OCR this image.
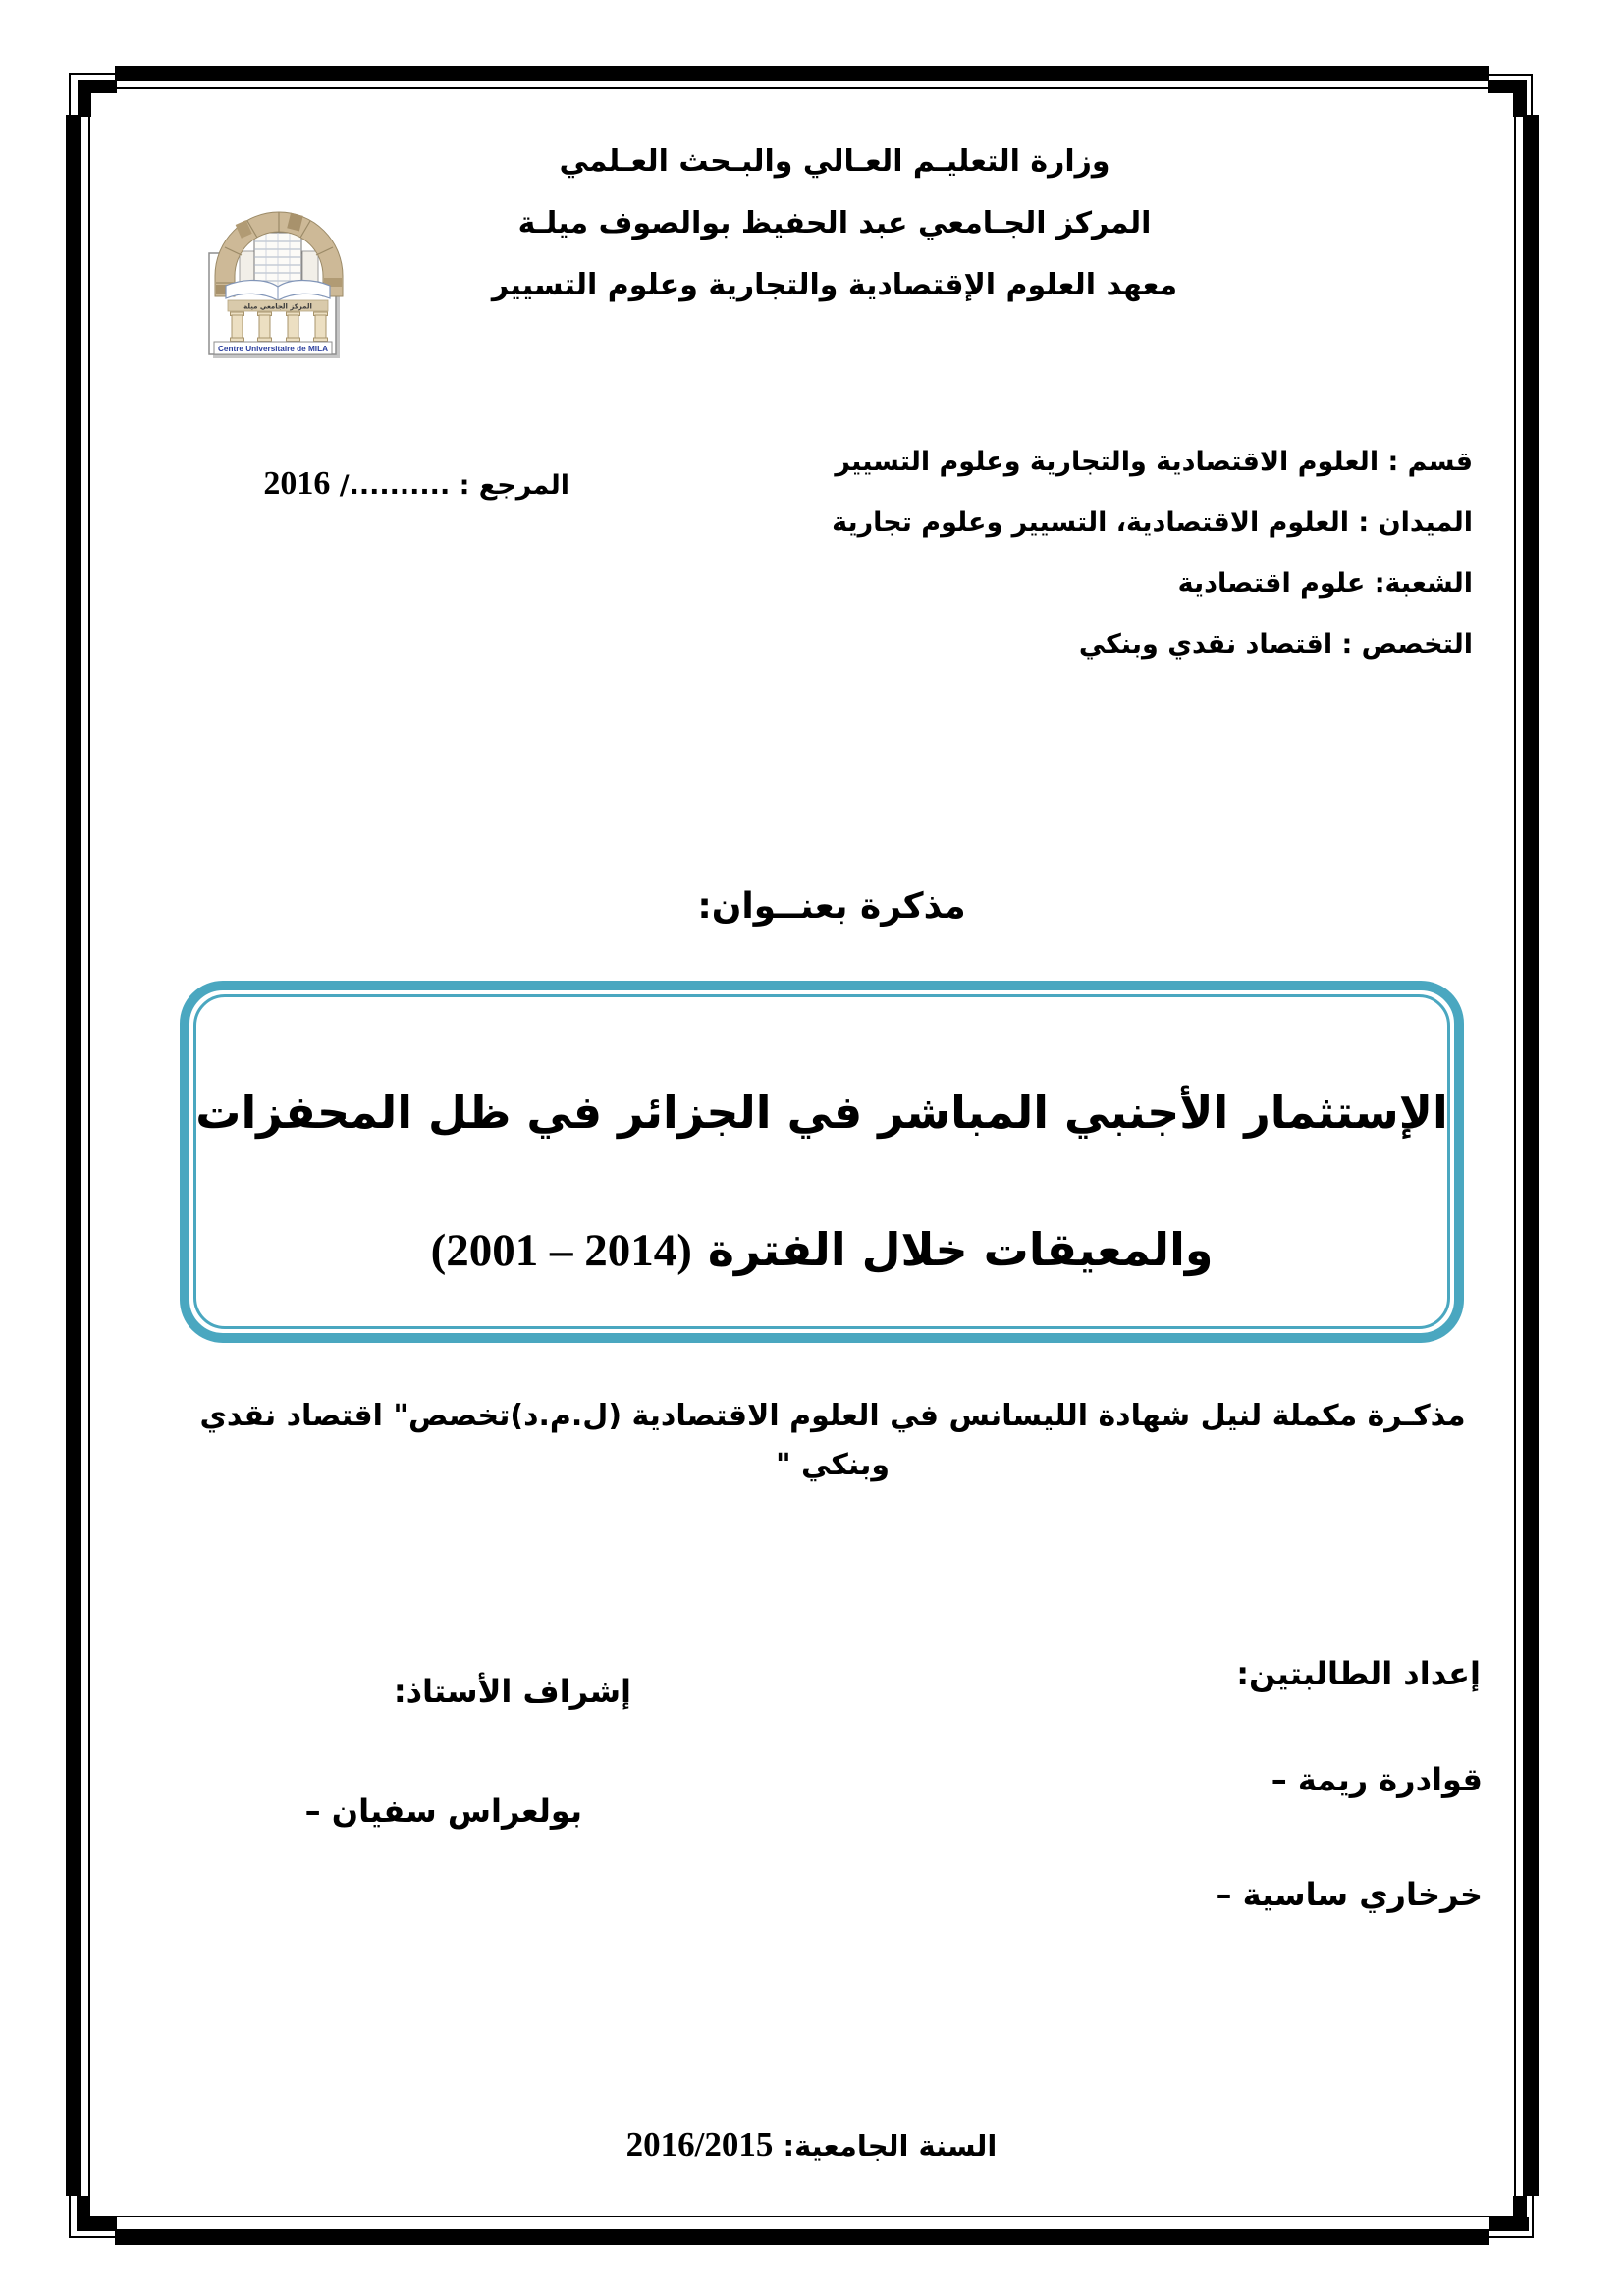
المركز الجامعي ميلة
Centre Universitaire de MILA
وزارة التعليـم العـالي والبـحث العـلمي
المركز الجـامعي عبد الحفيظ بوالصوف ميلـة
معهد العلوم الإقتصادية والتجارية وعلوم التسيير
قسم : العلوم الاقتصادية والتجارية وعلوم التسيير
الميدان : العلوم الاقتصادية، التسيير وعلوم تجارية
الشعبة: علوم اقتصادية
التخصص : اقتصاد نقدي وبنكي
المرجع : ........../ 2016
مذكرة بعنــوان:
الإستثمار الأجنبي المباشر في الجزائر في ظل المحفزات
والمعيقات خلال الفترة (2001 – 2014)
مذكـرة مكملة لنيل شهادة الليسانس في العلوم الاقتصادية (ل.م.د)تخصص" اقتصاد نقدي وبنكي "
إعداد الطالبتين:
– قوادرة ريمة
– خرخاري ساسية
إشراف الأستاذ:
– بولعراس سفيان
السنة الجامعية: 2016/2015
